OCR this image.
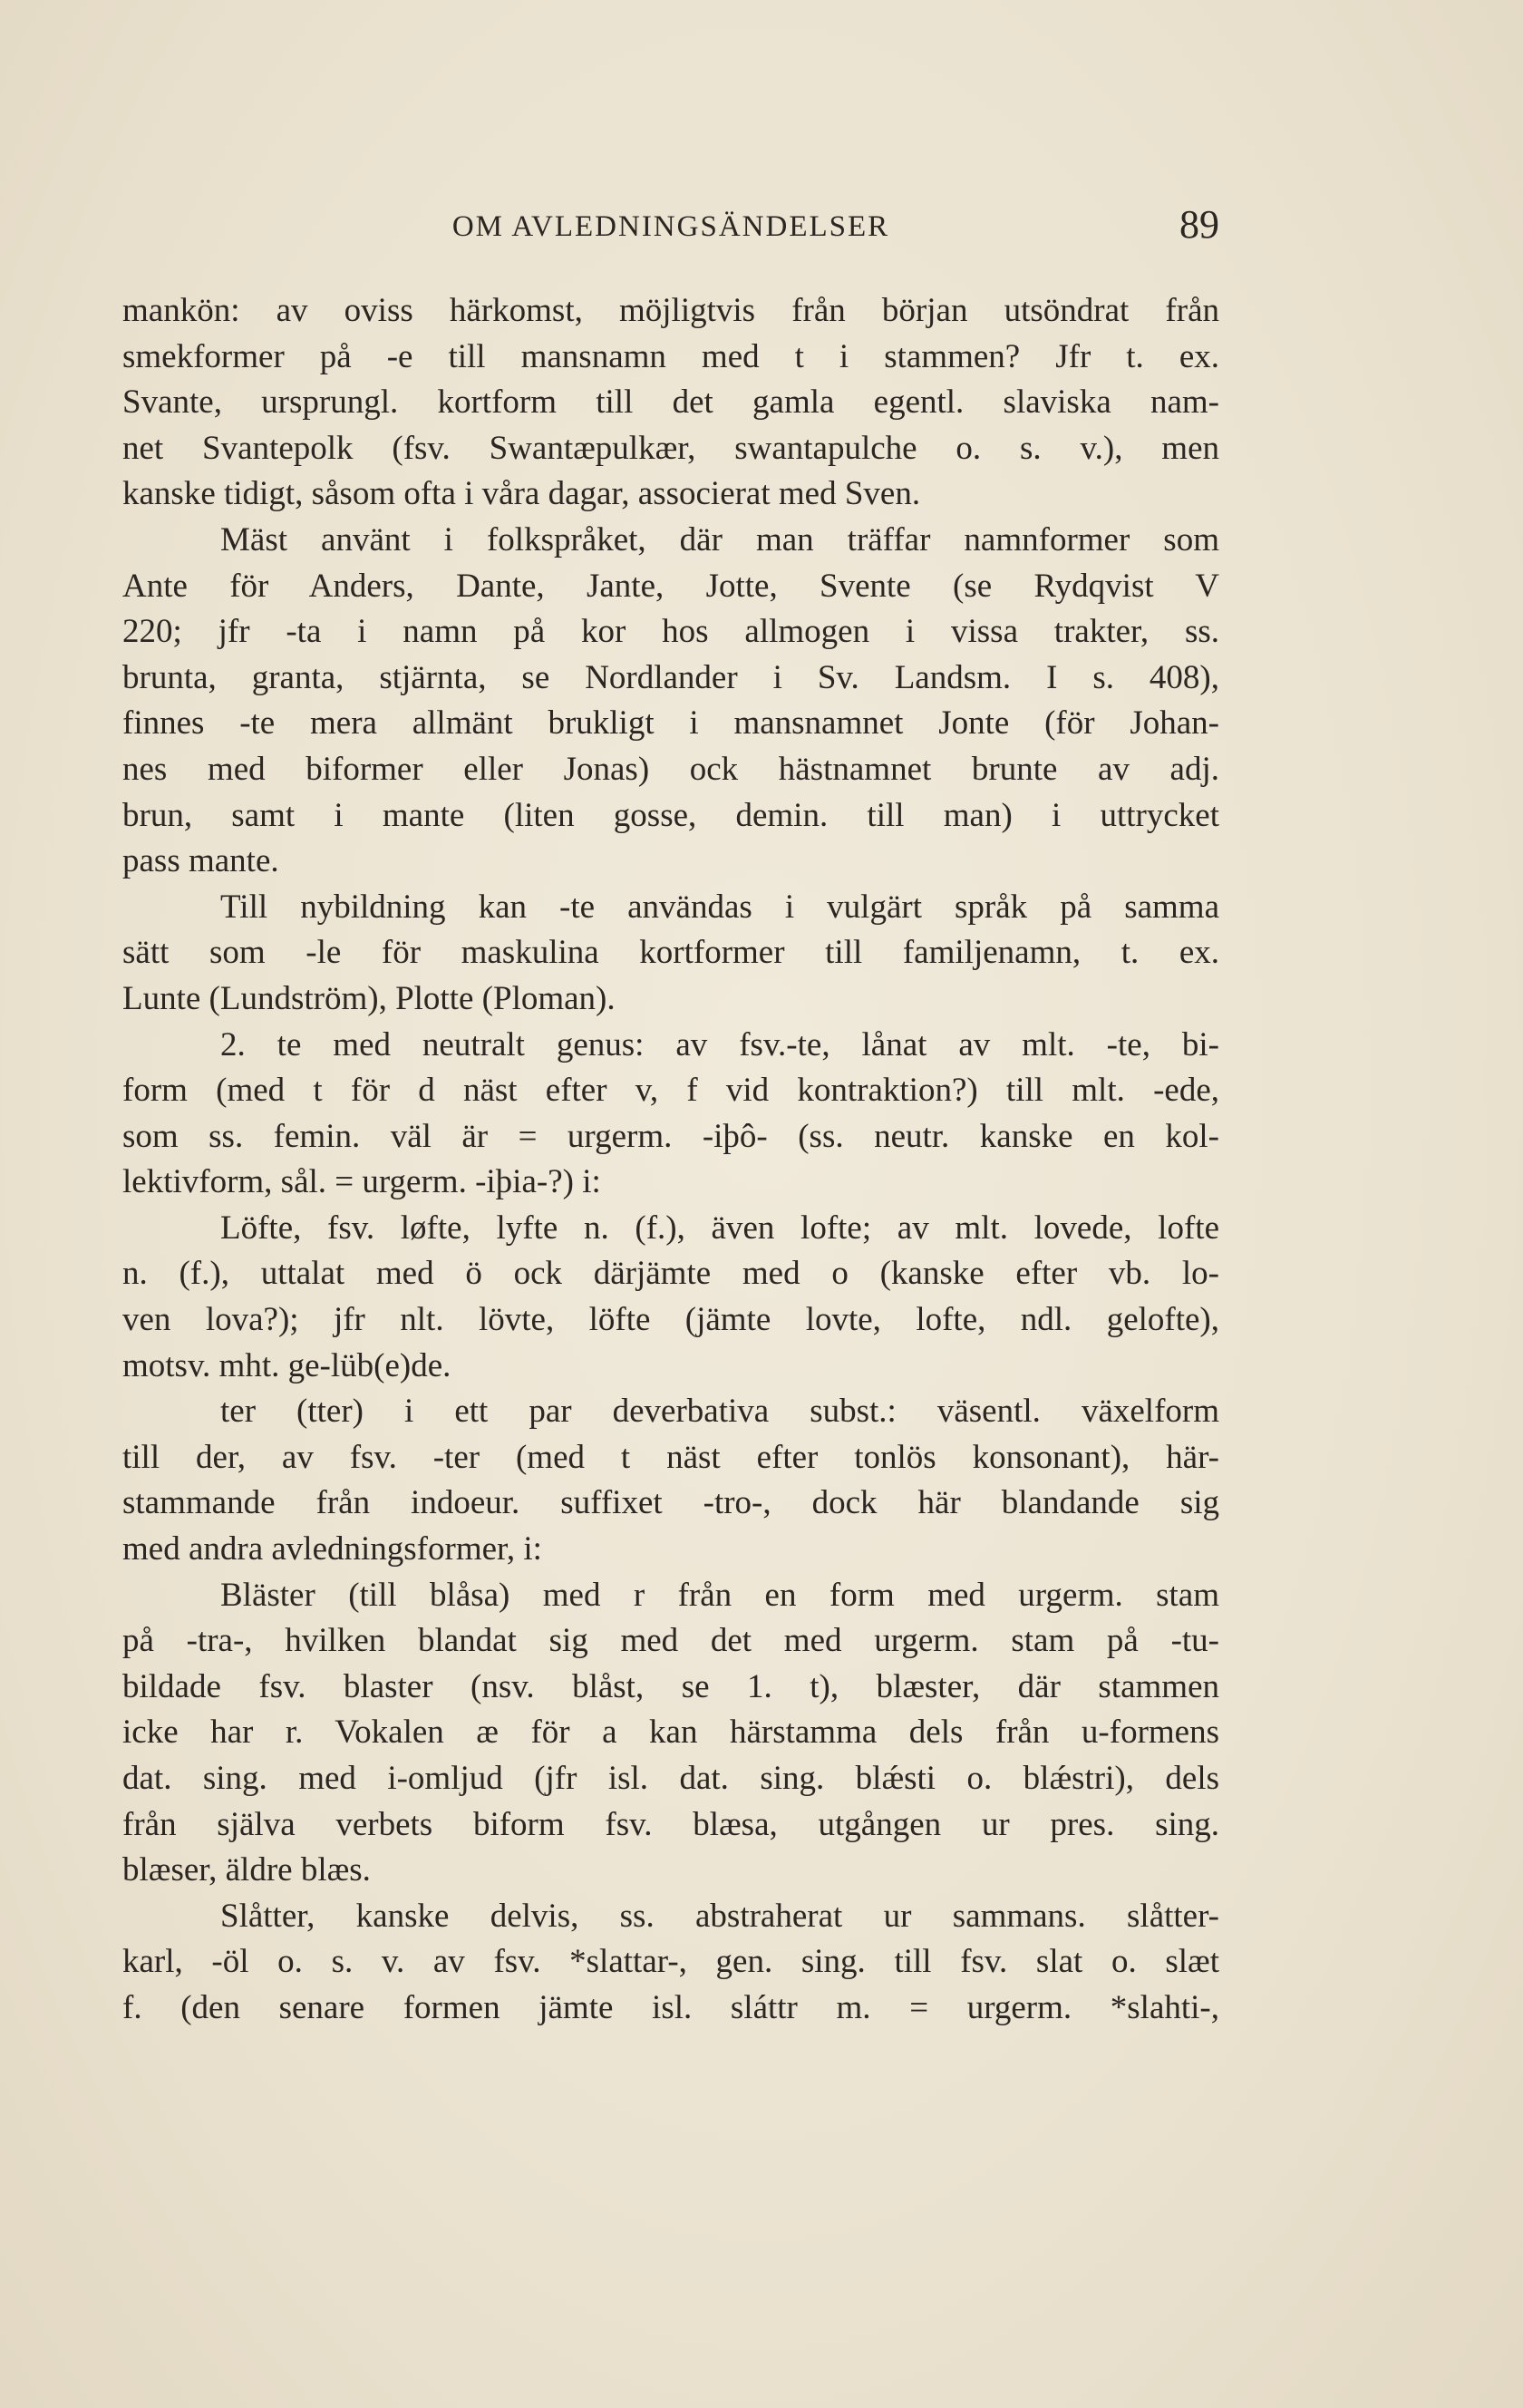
OM AVLEDNINGSÄNDELSER	89
mankön: av oviss härkomst, möjligtvis från början utsöndrat från
smekformer på -e till mansnamn med t i stammen? Jfr t. ex.
Svante, ursprungl. kortform till det gamla egentl. slaviska nam-
net Svantepolk (fsv. Swantæpulkær, swantapulche o. s. v.), men
kanske tidigt, såsom ofta i våra dagar, associerat med Sven.
Mäst använt i folkspråket, där man träffar namnformer som
Ante för Anders, Dante, Jante, Jotte, Svente (se Rydqvist V
220; jfr -ta i namn på kor hos allmogen i vissa trakter, ss.
brunta, granta, stjärnta, se Nordlander i Sv. Landsm. I s. 408),
finnes -te mera allmänt brukligt i mansnamnet Jonte (för Johan-
nes med biformer eller Jonas) ock hästnamnet brunte av adj.
brun, samt i mante (liten gosse, demin. till man) i uttrycket
pass mante.
Till nybildning kan -te användas i vulgärt språk på samma
sätt som -le för maskulina kortformer till familjenamn, t. ex.
Lunte (Lundström), Plotte (Ploman).
2. te med neutralt genus: av fsv.-te, lånat av mlt. -te, bi-
form (med t för d näst efter v, f vid kontraktion?) till mlt. -ede,
som ss. femin. väl är = urgerm. -iþô- (ss. neutr. kanske en kol-
lektivform, sål. = urgerm. -iþia-?) i:
Löfte, fsv. løfte, lyfte n. (f.), även lofte; av mlt. lovede, lofte
n. (f.), uttalat med ö ock därjämte med o (kanske efter vb. lo-
ven lova?); jfr nlt. lövte, löfte (jämte lovte, lofte, ndl. gelofte),
motsv. mht. ge-lüb(e)de.
ter (tter) i ett par deverbativa subst.: väsentl. växelform
till der, av fsv. -ter (med t näst efter tonlös konsonant), här-
stammande från indoeur. suffixet -tro-, dock här blandande sig
med andra avledningsformer, i:
Bläster (till blåsa) med r från en form med urgerm. stam
på -tra-, hvilken blandat sig med det med urgerm. stam på -tu-
bildade fsv. blaster (nsv. blåst, se 1. t), blæster, där stammen
icke har r. Vokalen æ för a kan härstamma dels från u-formens
dat. sing. med i-omljud (jfr isl. dat. sing. blǽsti o. blǽstri), dels
från själva verbets biform fsv. blæsa, utgången ur pres. sing.
blæser, äldre blæs.
Slåtter, kanske delvis, ss. abstraherat ur sammans. slåtter-
karl, -öl o. s. v. av fsv. *slattar-, gen. sing. till fsv. slat o. slæt
f. (den senare formen jämte isl. sláttr m. = urgerm. *slahti-,
